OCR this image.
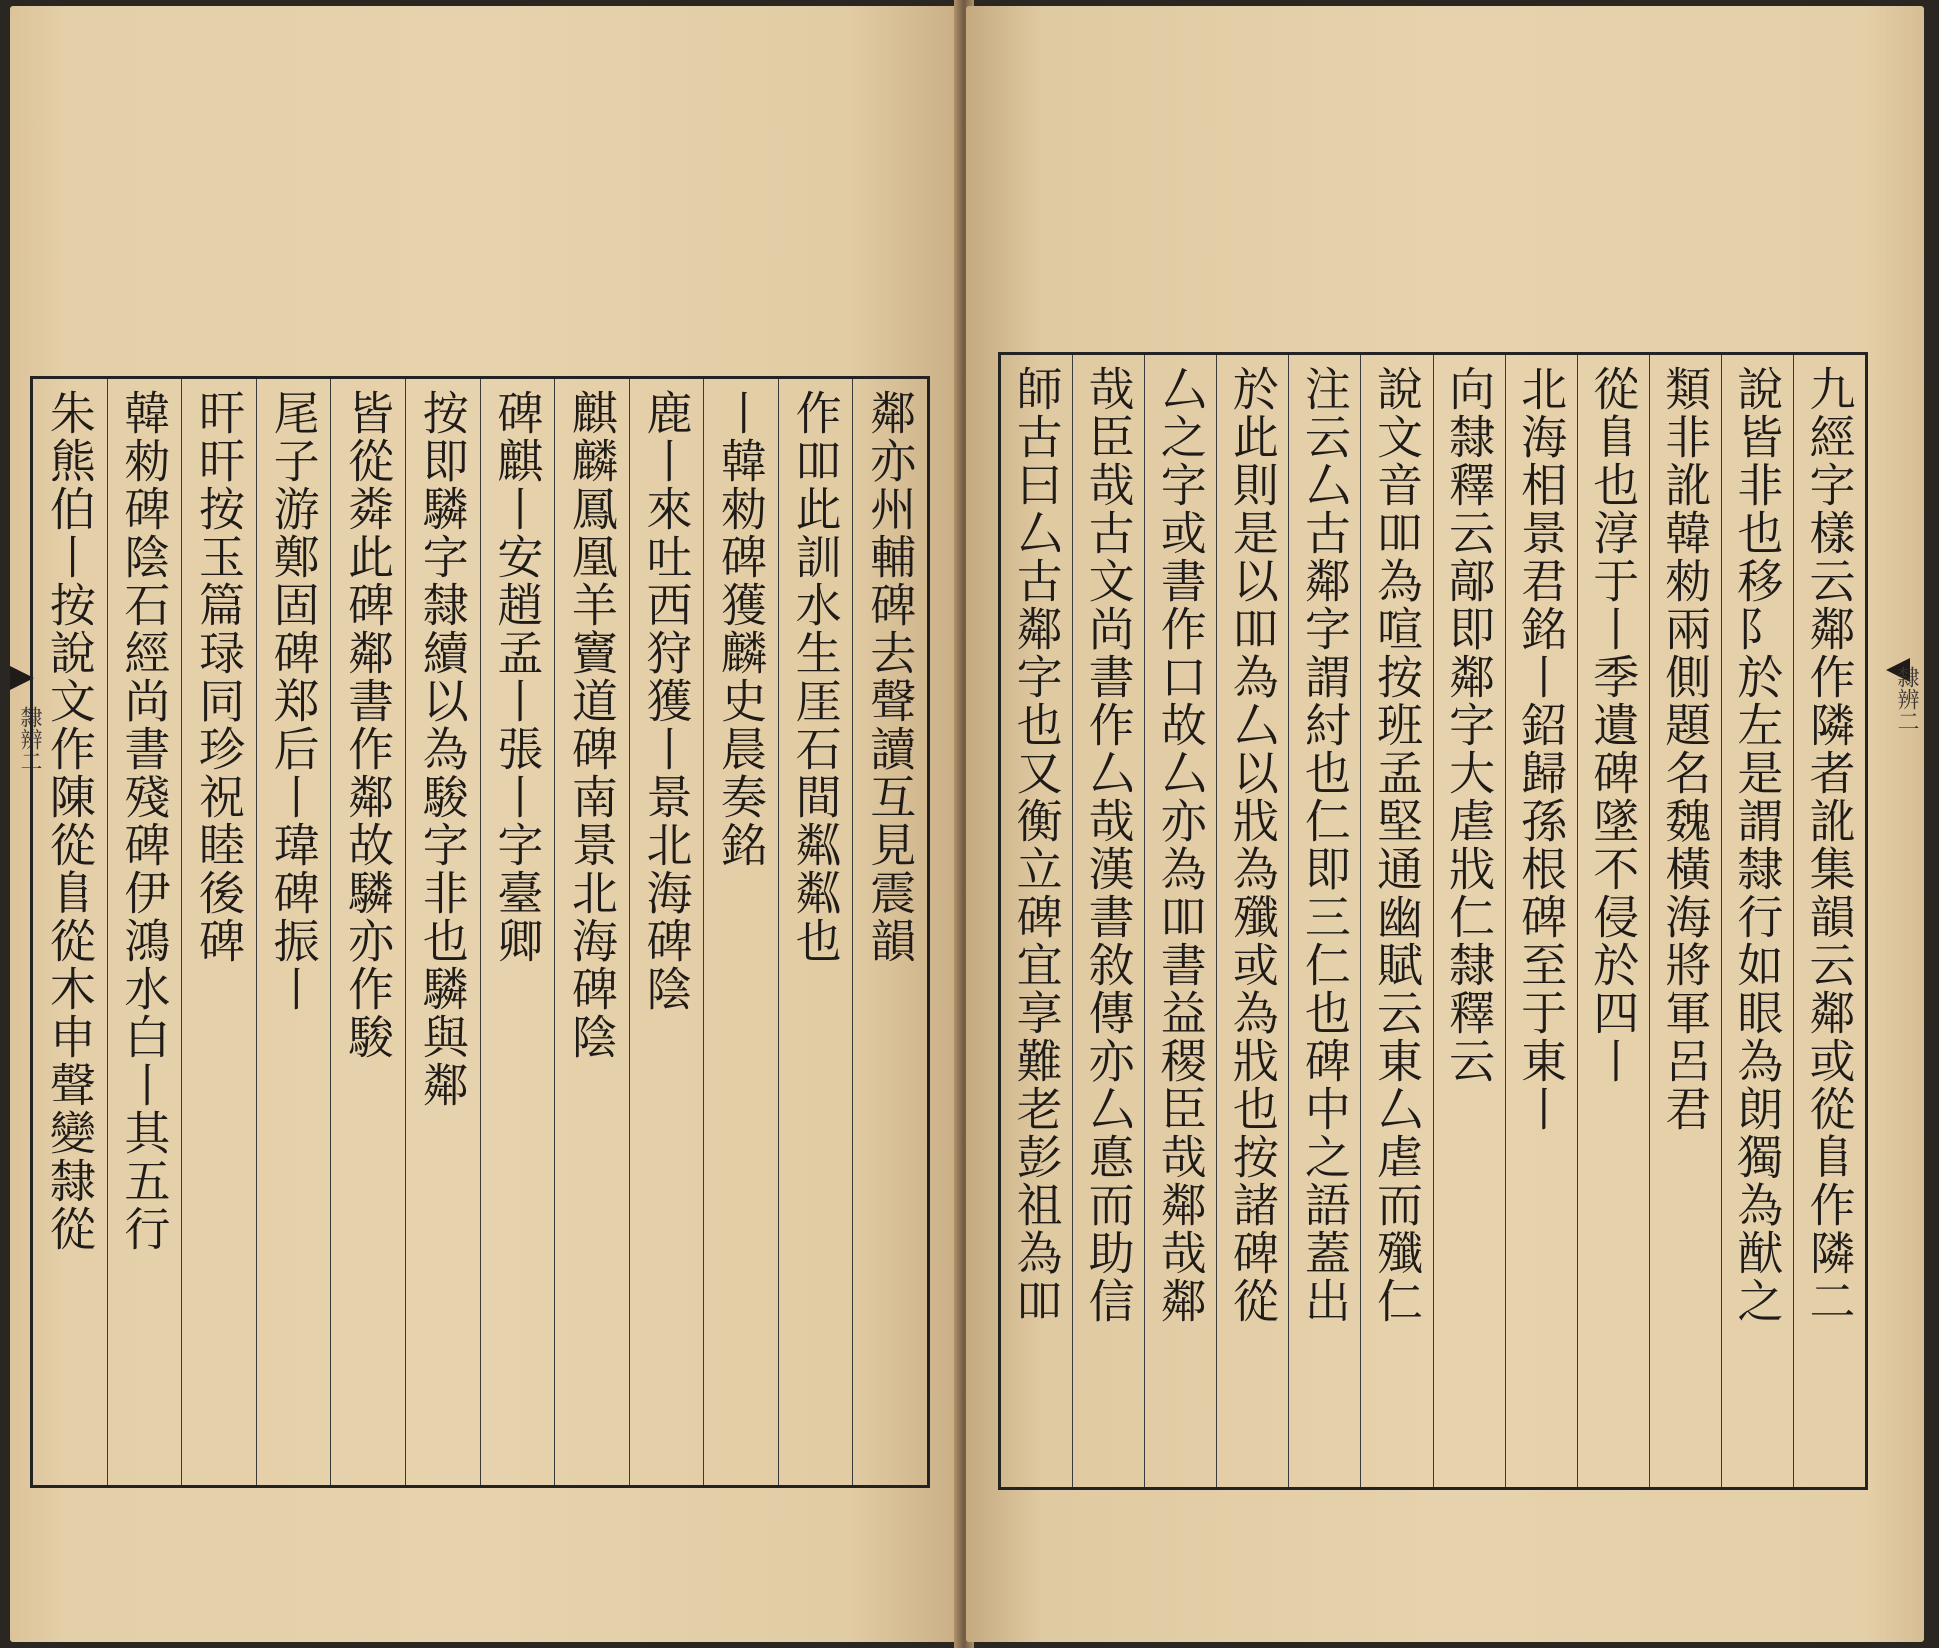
隸辨二	鄰亦州輔碑去聲讀互見震韻
作吅此訓水生厓石間粼粼也
丨韓勑碑獲麟史晨奏銘
鹿丨來吐西狩獲丨景北海碑陰
麒麟鳳凰羊竇道碑南景北海碑陰
碑麒丨安趙孟丨張丨字臺卿
按即驎字隸續以為駿字非也驎與鄰
皆從粦此碑鄰書作鄰故驎亦作駿
尾子游鄭固碑郑后丨瑋碑振丨
旰旰按玉篇琭同珍祝睦後碑
韓勑碑陰石經尚書殘碑伊鴻水白丨其五行
朱熊伯丨按說文作陳從𨸏從木申聲變隸從	隸辨二
九經字樣云鄰作隣者訛集韻云鄰或從𨸏作隣二
說皆非也移阝於左是謂隸行如眼為朗獨為猷之
類非訛韓勑兩側題名魏橫海將軍呂君
從𨸏也淳于丨季遺碑墜不侵於四丨
北海相景君銘丨鉊歸孫根碑至于東丨
向隸釋云鄗即鄰字大虐戕仁隸釋云
說文音吅為喧按班孟堅通幽賦云東厶虐而殲仁
注云厶古鄰字謂紂也仁即三仁也碑中之語蓋出
於此則是以吅為厶以戕為殲或為戕也按諸碑從
厶之字或書作口故厶亦為吅書益稷臣哉鄰哉鄰
哉臣哉古文尚書作厶哉漢書敘傳亦厶悳而助信
師古曰厶古鄰字也又衡立碑宜享難老彭祖為吅
